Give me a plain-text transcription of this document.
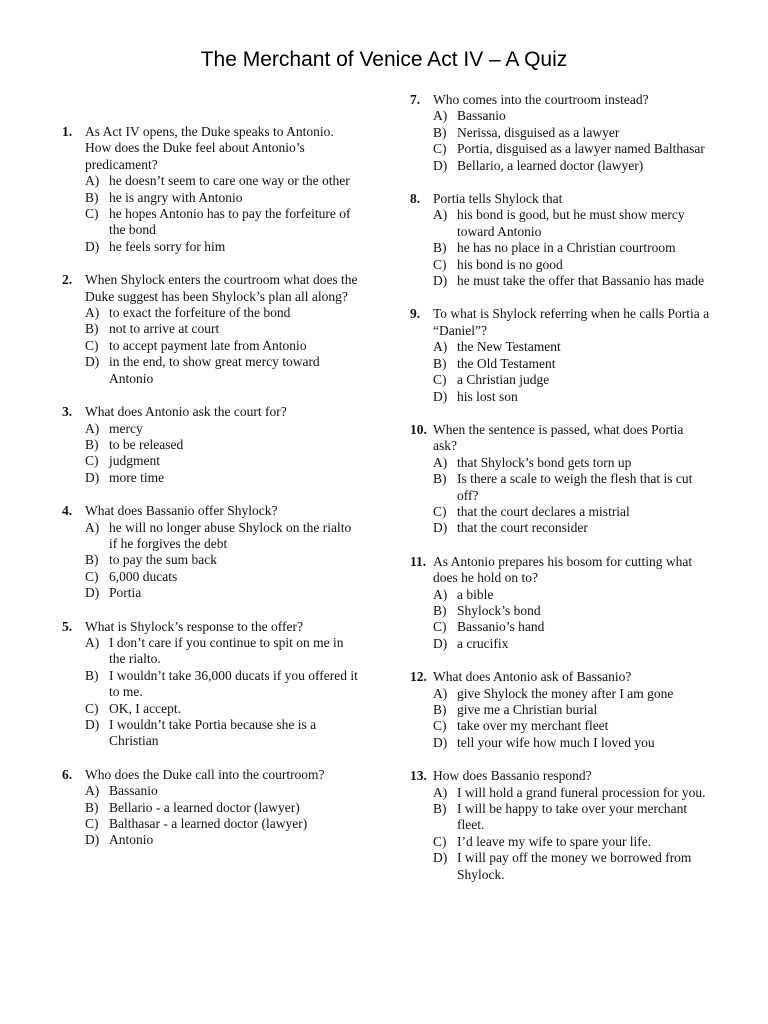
The Merchant of Venice Act IV – A Quiz
1. As Act IV opens, the Duke speaks to Antonio. How does the Duke feel about Antonio’s predicament?
A) he doesn’t seem to care one way or the other
B) he is angry with Antonio
C) he hopes Antonio has to pay the forfeiture of the bond
D) he feels sorry for him
2. When Shylock enters the courtroom what does the Duke suggest has been Shylock’s plan all along?
A) to exact the forfeiture of the bond
B) not to arrive at court
C) to accept payment late from Antonio
D) in the end, to show great mercy toward Antonio
3. What does Antonio ask the court for?
A) mercy
B) to be released
C) judgment
D) more time
4. What does Bassanio offer Shylock?
A) he will no longer abuse Shylock on the rialto if he forgives the debt
B) to pay the sum back
C) 6,000 ducats
D) Portia
5. What is Shylock’s response to the offer?
A) I don’t care if you continue to spit on me in the rialto.
B) I wouldn’t take 36,000 ducats if you offered it to me.
C) OK, I accept.
D) I wouldn’t take Portia because she is a Christian
6. Who does the Duke call into the courtroom?
A) Bassanio
B) Bellario - a learned doctor (lawyer)
C) Balthasar - a learned doctor (lawyer)
D) Antonio
7. Who comes into the courtroom instead?
A) Bassanio
B) Nerissa, disguised as a lawyer
C) Portia, disguised as a lawyer named Balthasar
D) Bellario, a learned doctor (lawyer)
8. Portia tells Shylock that
A) his bond is good, but he must show mercy toward Antonio
B) he has no place in a Christian courtroom
C) his bond is no good
D) he must take the offer that Bassanio has made
9. To what is Shylock referring when he calls Portia a “Daniel”?
A) the New Testament
B) the Old Testament
C) a Christian judge
D) his lost son
10. When the sentence is passed, what does Portia ask?
A) that Shylock’s bond gets torn up
B) Is there a scale to weigh the flesh that is cut off?
C) that the court declares a mistrial
D) that the court reconsider
11. As Antonio prepares his bosom for cutting what does he hold on to?
A) a bible
B) Shylock’s bond
C) Bassanio’s hand
D) a crucifix
12. What does Antonio ask of Bassanio?
A) give Shylock the money after I am gone
B) give me a Christian burial
C) take over my merchant fleet
D) tell your wife how much I loved you
13. How does Bassanio respond?
A) I will hold a grand funeral procession for you.
B) I will be happy to take over your merchant fleet.
C) I’d leave my wife to spare your life.
D) I will pay off the money we borrowed from Shylock.
